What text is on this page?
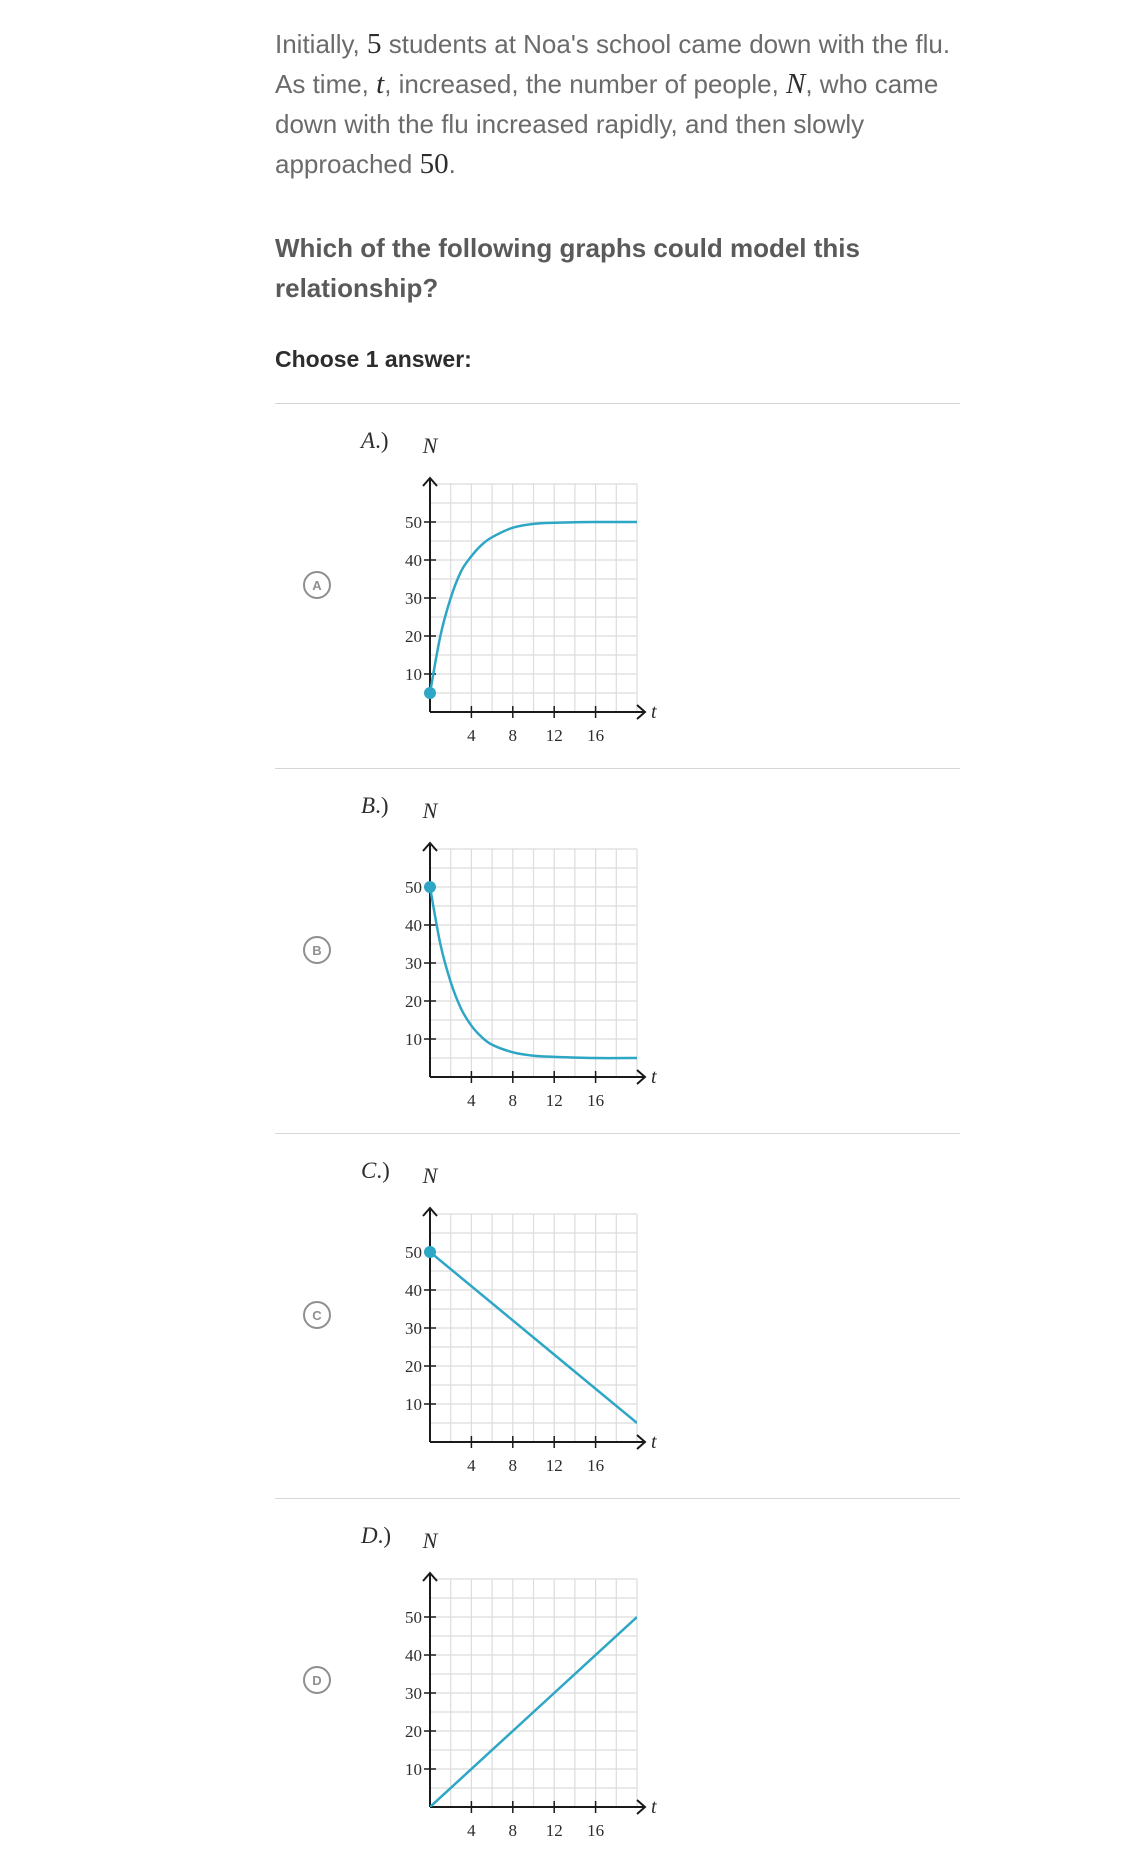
Initially, 5 students at Noa's school came down with the flu. As time, t, increased, the number of people, N, who came down with the flu increased rapidly, and then slowly approached 50.
Which of the following graphs could model this relationship?
Choose 1 answer:
A
A.) N
t
4 8 12 16
10
20
30
40
50
B
B.) N
t
4 8 12 16
10
20
30
40
50
C
C.) N
t
4 8 12 16
10
20
30
40
50
D
D.) N
t
4 8 12 16
10
20
30
40
50
